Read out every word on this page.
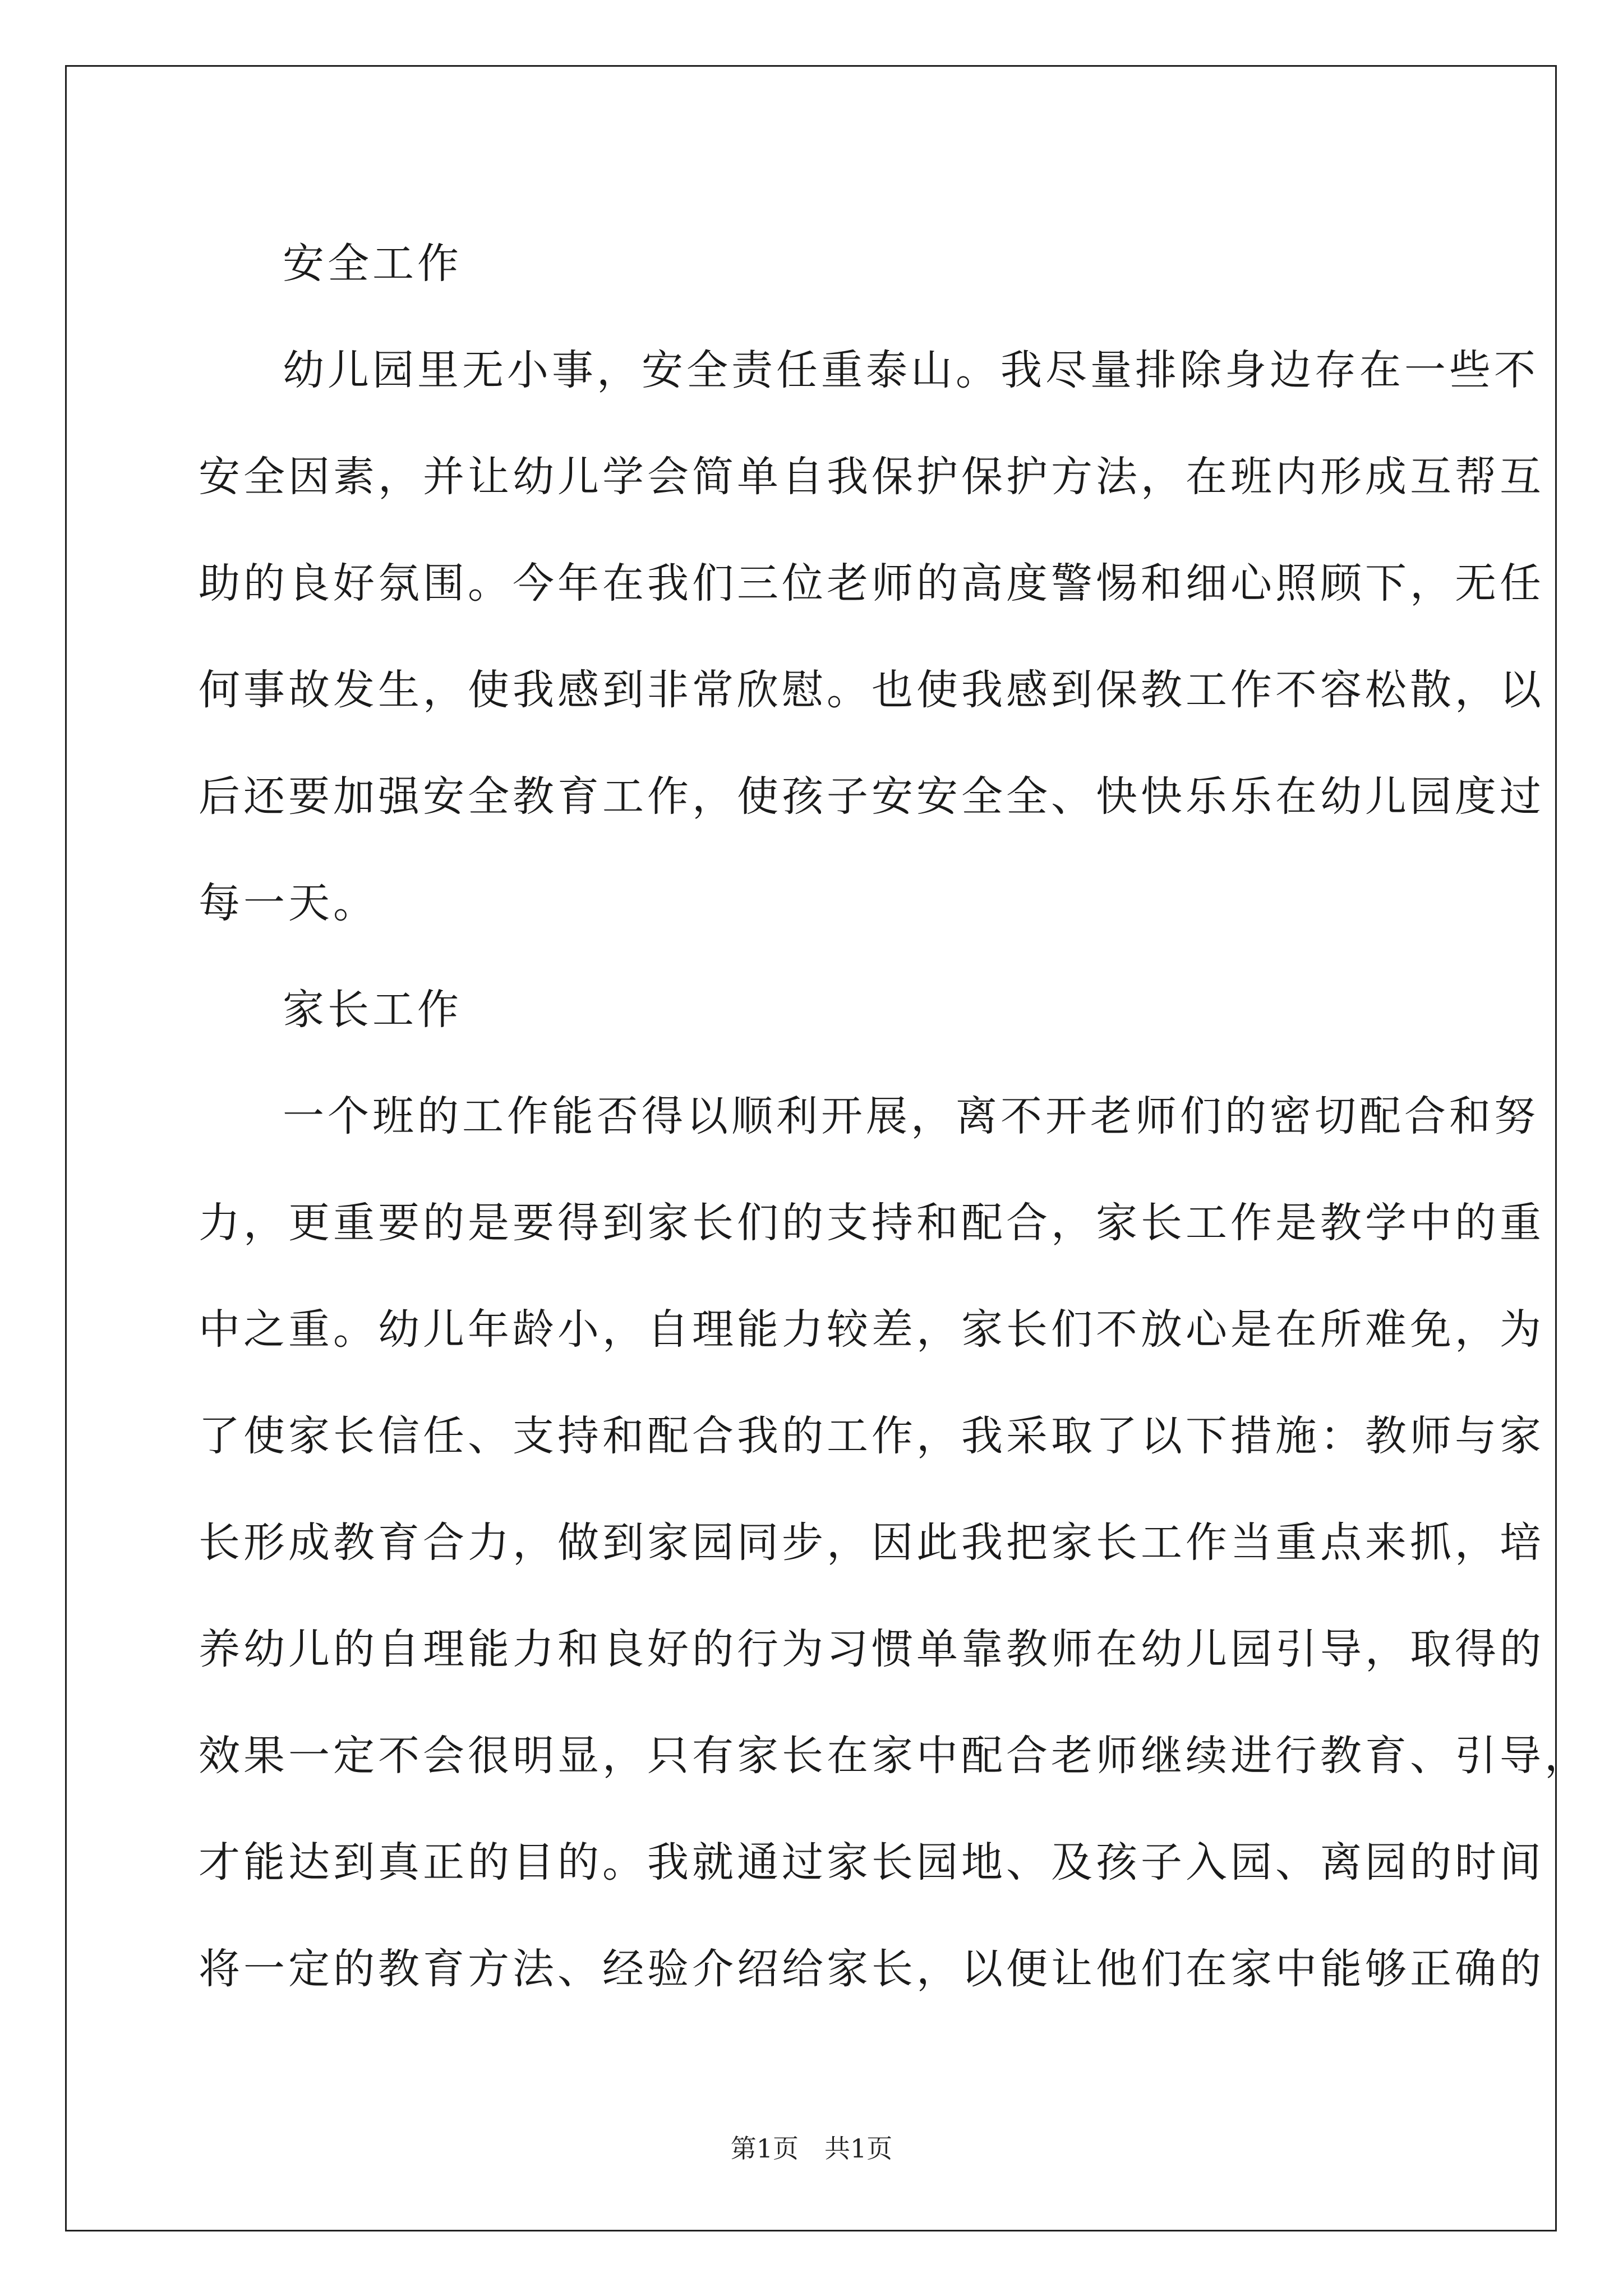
安全工作
幼儿园里无小事，安全责任重泰山。我尽量排除身边存在一些不
安全因素，并让幼儿学会简单自我保护保护方法，在班内形成互帮互
助的良好氛围。今年在我们三位老师的高度警惕和细心照顾下，无任
何事故发生，使我感到非常欣慰。也使我感到保教工作不容松散，以
后还要加强安全教育工作，使孩子安安全全、快快乐乐在幼儿园度过
每一天。
家长工作
一个班的工作能否得以顺利开展，离不开老师们的密切配合和努
力，更重要的是要得到家长们的支持和配合，家长工作是教学中的重
中之重。幼儿年龄小，自理能力较差，家长们不放心是在所难免，为
了使家长信任、支持和配合我的工作，我采取了以下措施：教师与家
长形成教育合力，做到家园同步，因此我把家长工作当重点来抓，培
养幼儿的自理能力和良好的行为习惯单靠教师在幼儿园引导，取得的
效果一定不会很明显，只有家长在家中配合老师继续进行教育、引导，
才能达到真正的目的。我就通过家长园地、及孩子入园、离园的时间
将一定的教育方法、经验介绍给家长，以便让他们在家中能够正确的
第1页　共1页
